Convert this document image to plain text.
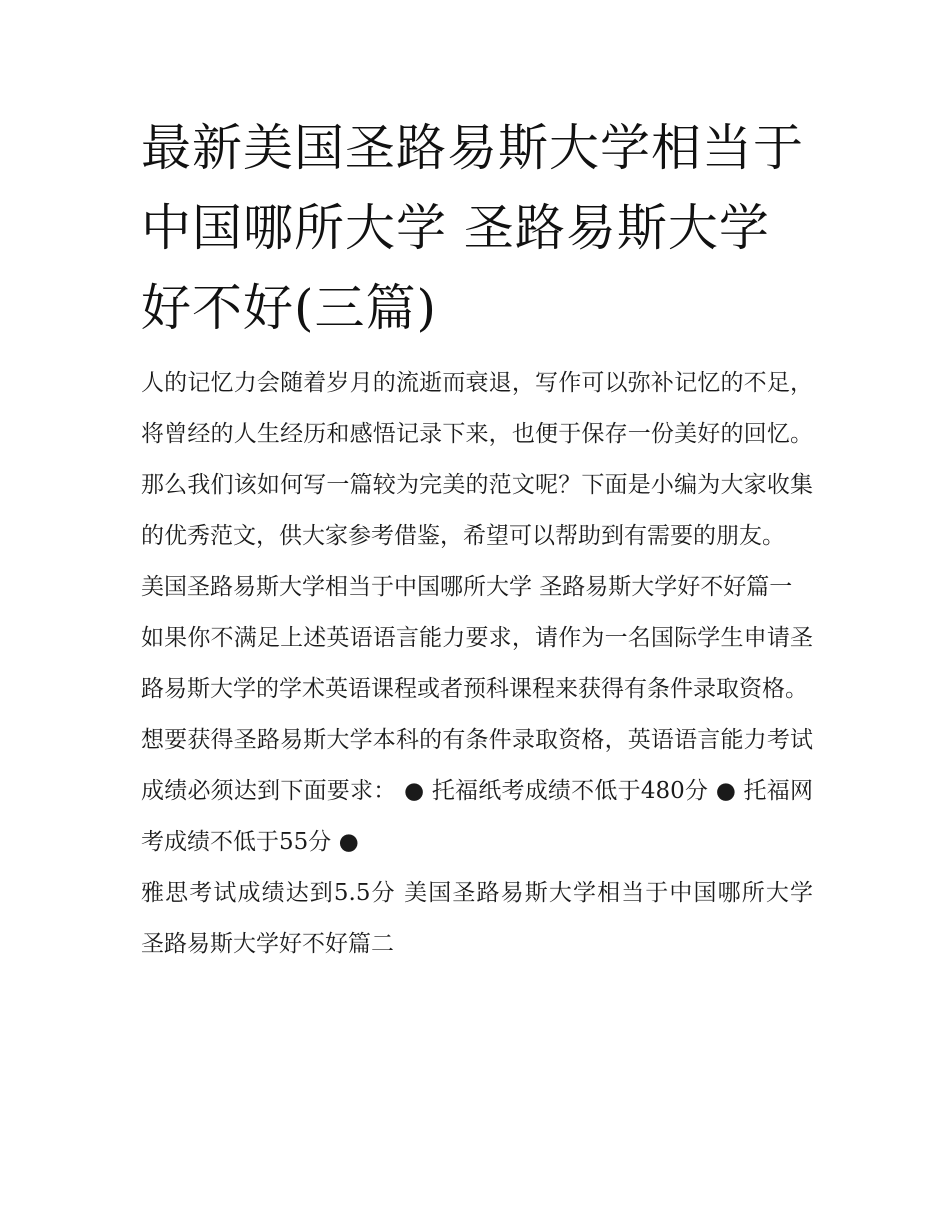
最新美国圣路易斯大学相当于中国哪所大学 圣路易斯大学好不好(三篇)

人的记忆力会随着岁月的流逝而衰退，写作可以弥补记忆的不足，将曾经的人生经历和感悟记录下来，也便于保存一份美好的回忆。那么我们该如何写一篇较为完美的范文呢？下面是小编为大家收集的优秀范文，供大家参考借鉴，希望可以帮助到有需要的朋友。

美国圣路易斯大学相当于中国哪所大学 圣路易斯大学好不好篇一

如果你不满足上述英语语言能力要求，请作为一名国际学生申请圣路易斯大学的学术英语课程或者预科课程来获得有条件录取资格。

想要获得圣路易斯大学本科的有条件录取资格，英语语言能力考试成绩必须达到下面要求： ● 托福纸考成绩不低于480分 ● 托福网考成绩不低于55分 ●

雅思考试成绩达到5.5分 美国圣路易斯大学相当于中国哪所大学 圣路易斯大学好不好篇二
